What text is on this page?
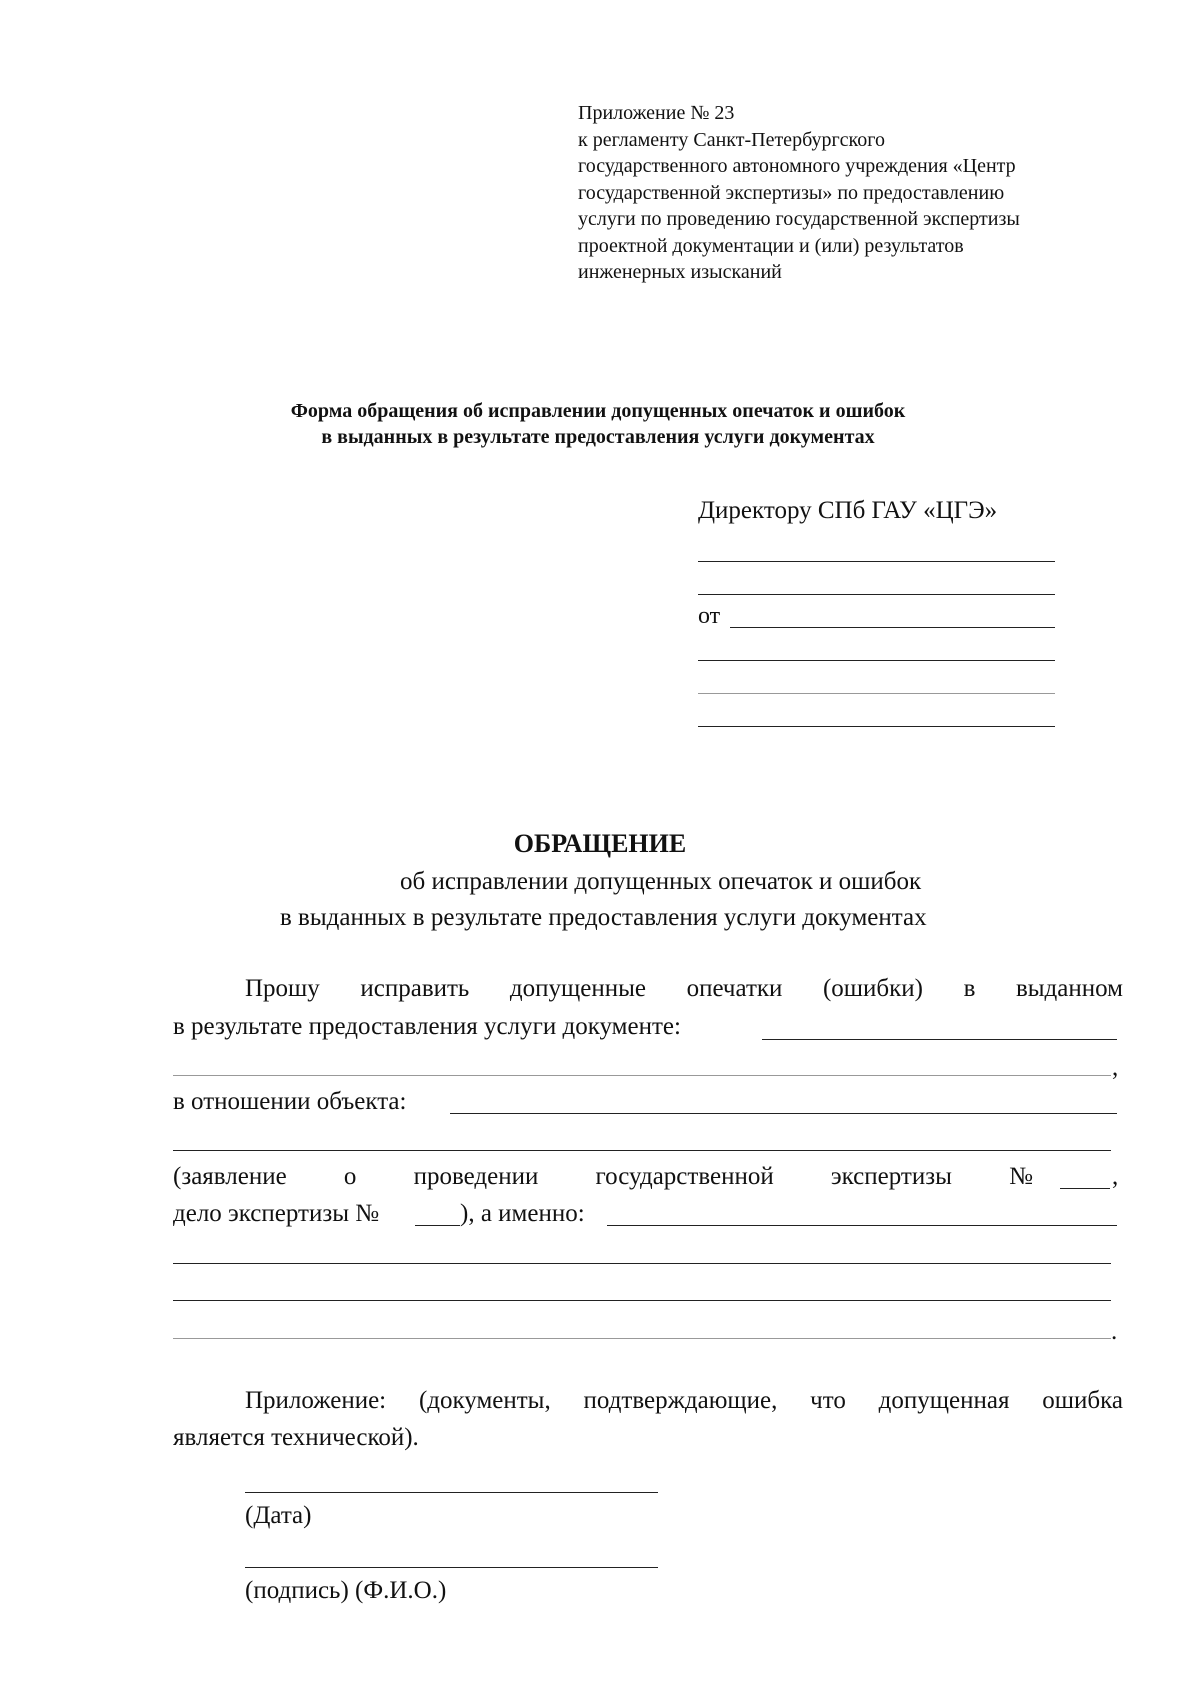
Приложение № 23
к регламенту Санкт-Петербургского
государственного автономного учреждения «Центр
государственной экспертизы» по предоставлению
услуги по проведению государственной экспертизы
проектной документации и (или) результатов
инженерных изысканий
Форма обращения об исправлении допущенных опечаток и ошибок
в выданных в результате предоставления услуги документах
Директору СПб ГАУ «ЦГЭ»
от
ОБРАЩЕНИЕ
об исправлении допущенных опечаток и ошибок
в выданных в результате предоставления услуги документах
Прошу исправить допущенные опечатки (ошибки) в выданном
в результате предоставления услуги документе:
,
в отношении объекта:
(заявление о проведении государственной экспертизы №	,
дело экспертизы №	), а именно:
.
Приложение: (документы, подтверждающие, что допущенная ошибка
является технической).
(Дата)
(подпись) (Ф.И.О.)
